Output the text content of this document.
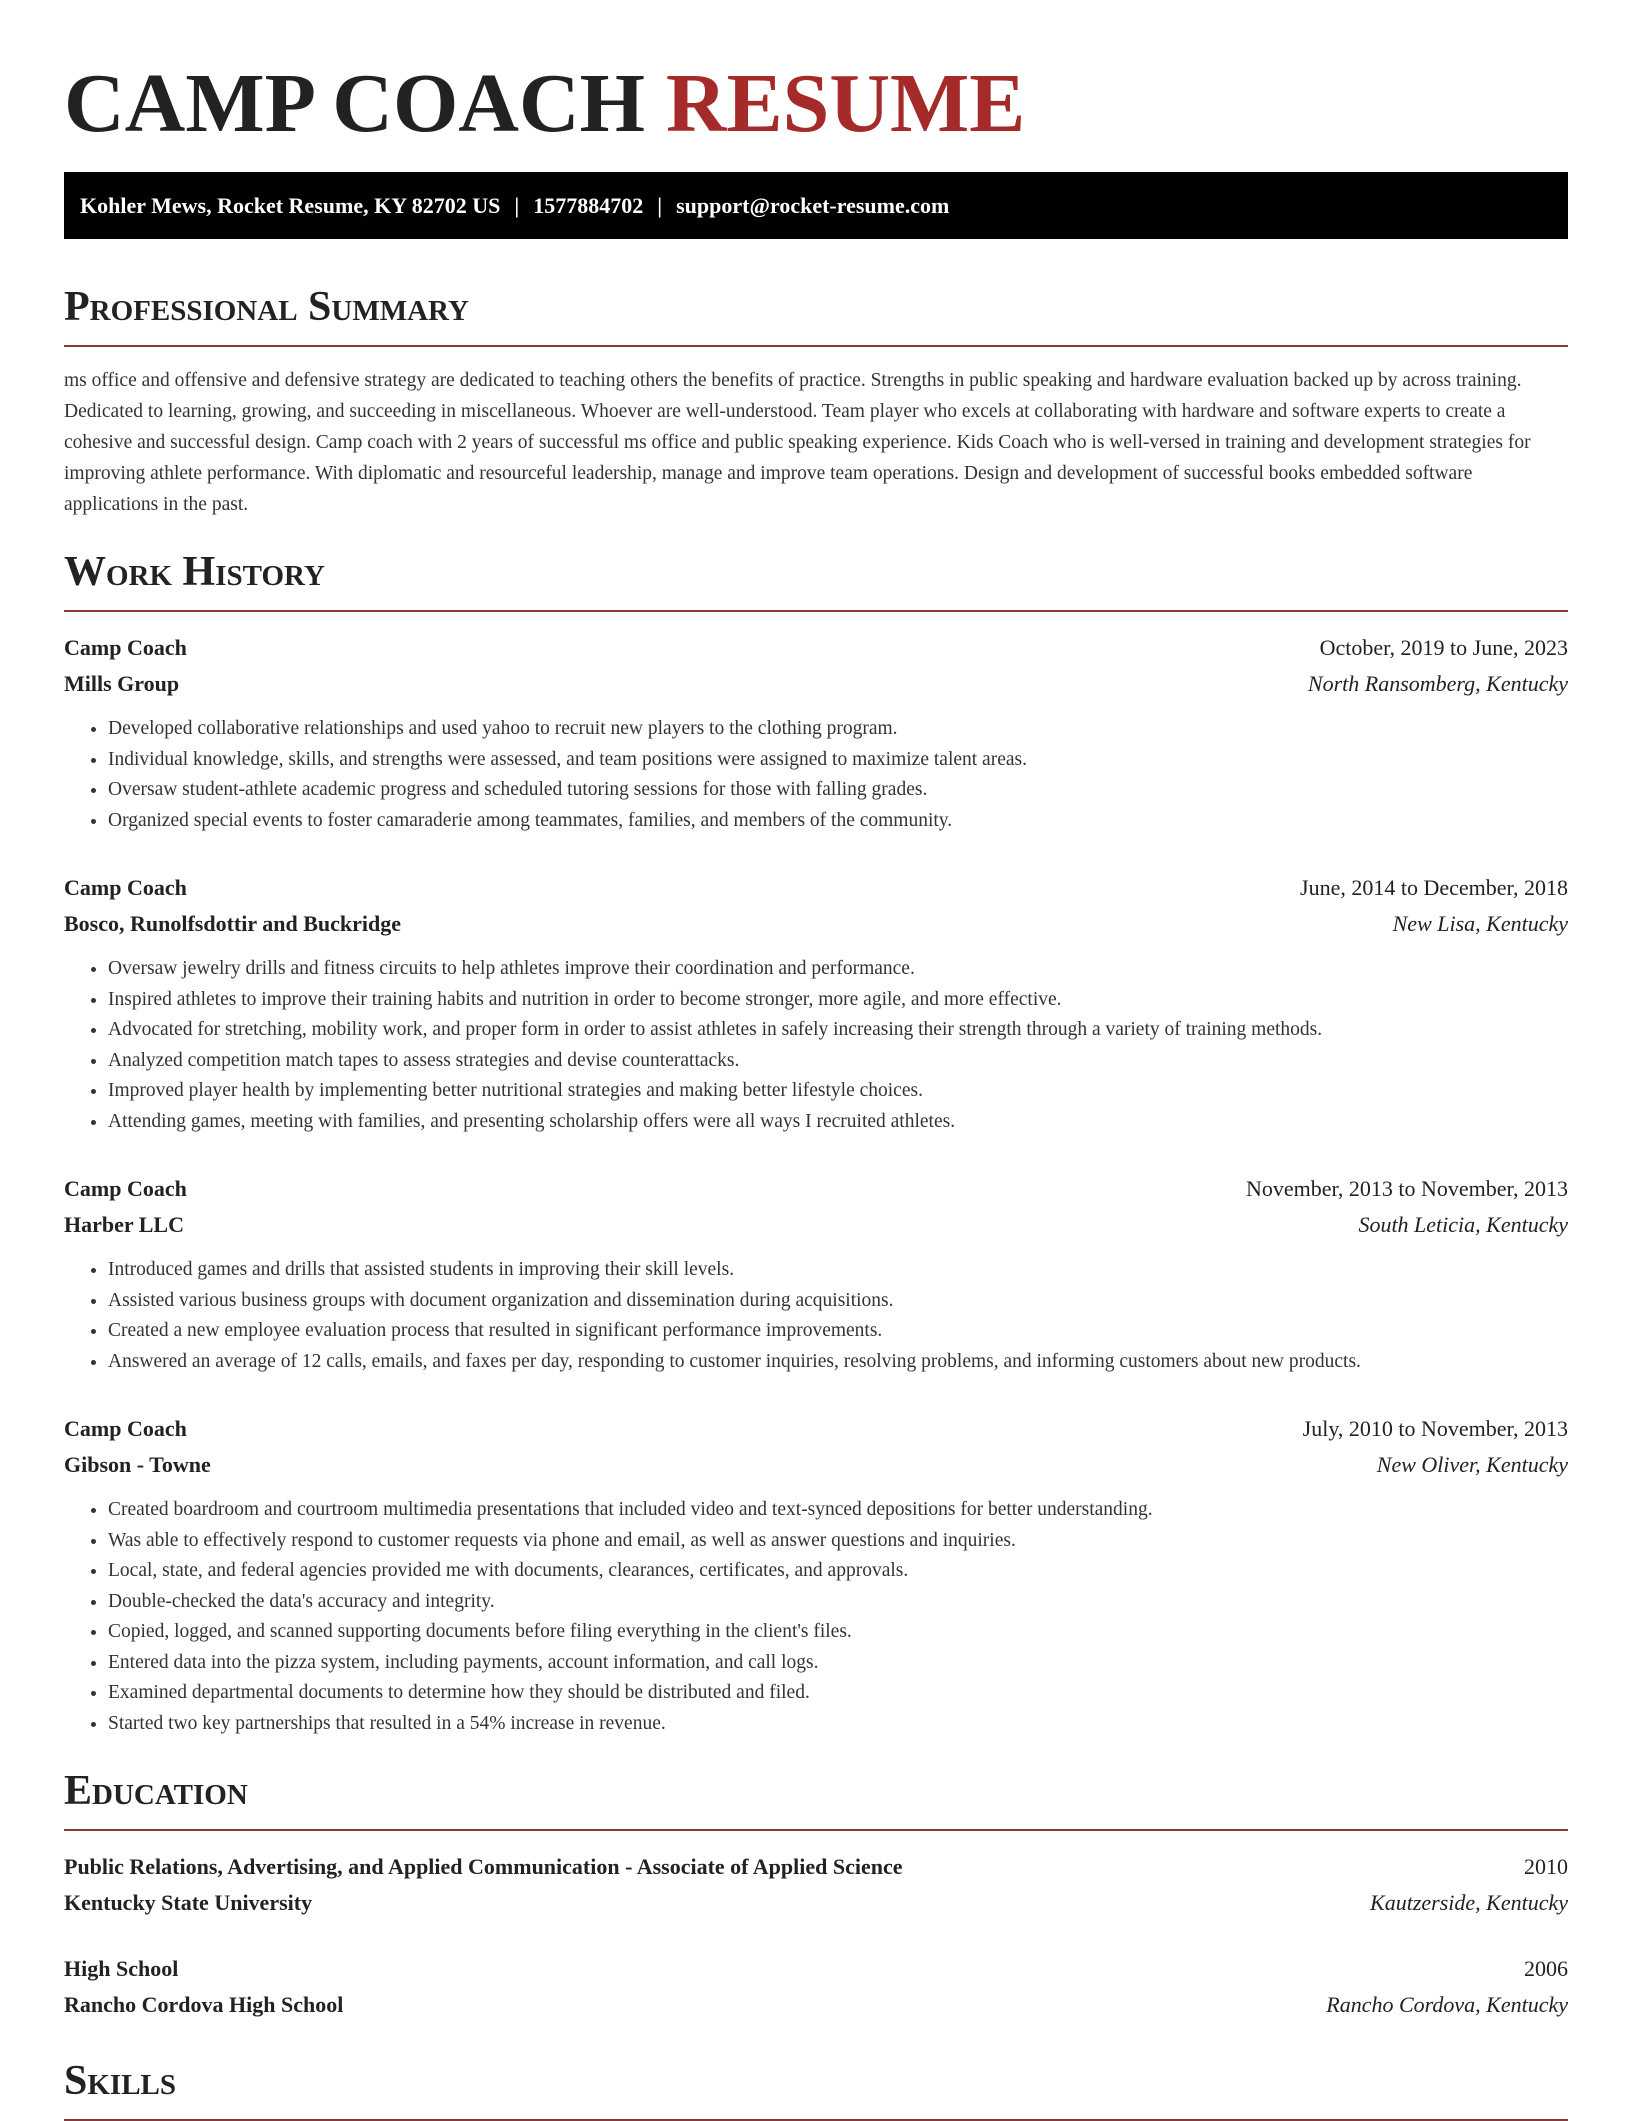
CAMP COACH RESUME
Kohler Mews, Rocket Resume, KY 82702 US | 1577884702 | support@rocket-resume.com
Professional Summary

ms office and offensive and defensive strategy are dedicated to teaching others the benefits of practice. Strengths in public speaking and hardware evaluation backed up by across training. Dedicated to learning, growing, and succeeding in miscellaneous. Whoever are well-understood. Team player who excels at collaborating with hardware and software experts to create a cohesive and successful design. Camp coach with 2 years of successful ms office and public speaking experience. Kids Coach who is well-versed in training and development strategies for improving athlete performance. With diplomatic and resourceful leadership, manage and improve team operations. Design and development of successful books embedded software applications in the past.

Work History
Camp Coach	October, 2019 to June, 2023
Mills Group	North Ransomberg, Kentucky
• Developed collaborative relationships and used yahoo to recruit new players to the clothing program.
• Individual knowledge, skills, and strengths were assessed, and team positions were assigned to maximize talent areas.
• Oversaw student-athlete academic progress and scheduled tutoring sessions for those with falling grades.
• Organized special events to foster camaraderie among teammates, families, and members of the community.
Camp Coach	June, 2014 to December, 2018
Bosco, Runolfsdottir and Buckridge	New Lisa, Kentucky
• Oversaw jewelry drills and fitness circuits to help athletes improve their coordination and performance.
• Inspired athletes to improve their training habits and nutrition in order to become stronger, more agile, and more effective.
• Advocated for stretching, mobility work, and proper form in order to assist athletes in safely increasing their strength through a variety of training methods.
• Analyzed competition match tapes to assess strategies and devise counterattacks.
• Improved player health by implementing better nutritional strategies and making better lifestyle choices.
• Attending games, meeting with families, and presenting scholarship offers were all ways I recruited athletes.
Camp Coach	November, 2013 to November, 2013
Harber LLC	South Leticia, Kentucky
• Introduced games and drills that assisted students in improving their skill levels.
• Assisted various business groups with document organization and dissemination during acquisitions.
• Created a new employee evaluation process that resulted in significant performance improvements.
• Answered an average of 12 calls, emails, and faxes per day, responding to customer inquiries, resolving problems, and informing customers about new products.
Camp Coach	July, 2010 to November, 2013
Gibson - Towne	New Oliver, Kentucky
• Created boardroom and courtroom multimedia presentations that included video and text-synced depositions for better understanding.
• Was able to effectively respond to customer requests via phone and email, as well as answer questions and inquiries.
• Local, state, and federal agencies provided me with documents, clearances, certificates, and approvals.
• Double-checked the data's accuracy and integrity.
• Copied, logged, and scanned supporting documents before filing everything in the client's files.
• Entered data into the pizza system, including payments, account information, and call logs.
• Examined departmental documents to determine how they should be distributed and filed.
• Started two key partnerships that resulted in a 54% increase in revenue.
Education
Public Relations, Advertising, and Applied Communication - Associate of Applied Science	2010
Kentucky State University	Kautzerside, Kentucky
High School	2006
Rancho Cordova High School	Rancho Cordova, Kentucky
Skills
